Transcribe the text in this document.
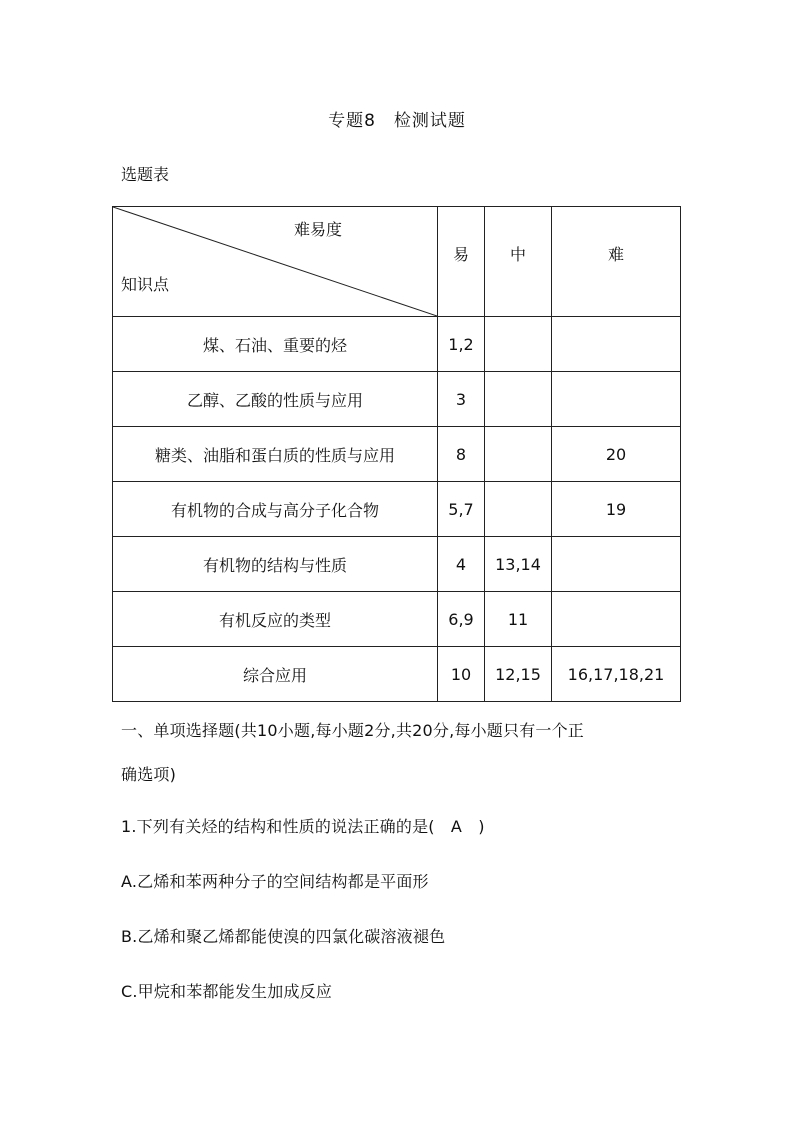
专题8　检测试题
选题表
难易度
知识点	易	中	难
煤、石油、重要的烃	1,2		
乙醇、乙酸的性质与应用	3		
糖类、油脂和蛋白质的性质与应用	8		20
有机物的合成与高分子化合物	5,7		19
有机物的结构与性质	4	13,14	
有机反应的类型	6,9	11	
综合应用	10	12,15	16,17,18,21
一、单项选择题(共10小题,每小题2分,共20分,每小题只有一个正
确选项)
1.下列有关烃的结构和性质的说法正确的是(　A　)
A.乙烯和苯两种分子的空间结构都是平面形
B.乙烯和聚乙烯都能使溴的四氯化碳溶液褪色
C.甲烷和苯都能发生加成反应
